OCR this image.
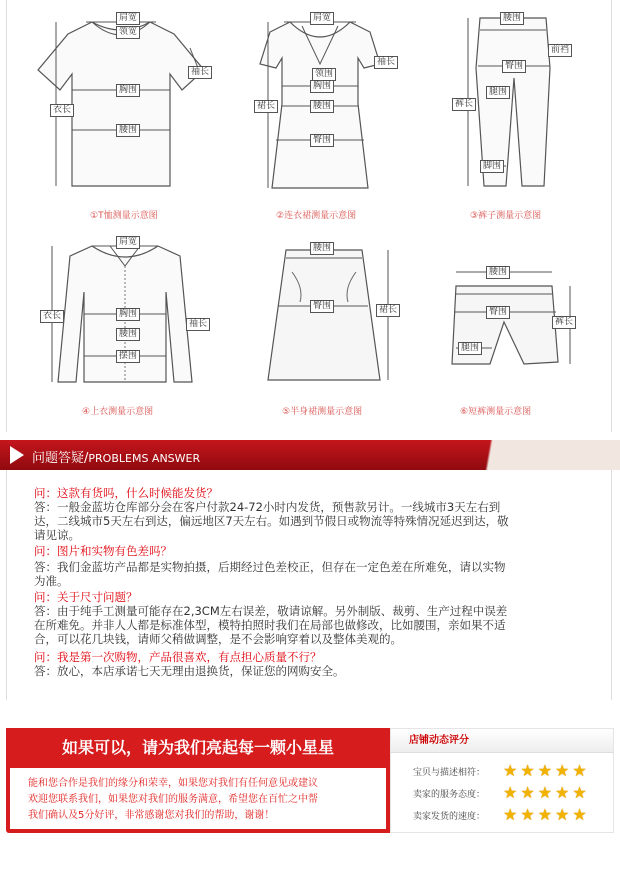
肩宽
领宽
袖长
衣长
胸围
腰围
①T恤测量示意图
肩宽
领围
袖长
裙长
胸围
腰围
臀围
②连衣裙测量示意图
腰围
前裆
臀围
裤长
腿围
脚围
③裤子测量示意图
肩宽
衣长	胸围
袖长
腰围
摆围
④上衣测量示意图
腰围
臀围	裙长
⑤半身裙测量示意图
腰围
臀围
裤长
腿围
⑥短裤测量示意图
问题答疑/PROBLEMS ANSWER
问：这款有货吗，什么时候能发货？
答：一般金蓝坊仓库部分会在客户付款24-72小时内发货，预售款另计。一线城市3天左右到
达，二线城市5天左右到达，偏远地区7天左右。如遇到节假日或物流等特殊情况延迟到达，敬
请见谅。
问：图片和实物有色差吗？
答：我们金蓝坊产品都是实物拍摄，后期经过色差校正，但存在一定色差在所难免，请以实物
为准。
问：关于尺寸问题？
答：由于纯手工测量可能存在2,3CM左右误差，敬请谅解。另外制版、裁剪、生产过程中误差
在所难免。并非人人都是标准体型，模特拍照时我们在局部也做修改，比如腰围，亲如果不适
合，可以花几块钱，请师父稍做调整，是不会影响穿着以及整体美观的。
问：我是第一次购物，产品很喜欢，有点担心质量不行？
答：放心，本店承诺七天无理由退换货，保证您的网购安全。
如果可以，请为我们亮起每一颗小星星
能和您合作是我们的缘分和荣幸，如果您对我们有任何意见或建议
欢迎您联系我们，如果您对我们的服务满意，希望您在百忙之中帮
我们确认及5分好评，非常感谢您对我们的帮助，谢谢！
店铺动态评分
宝贝与描述相符： ★★★★★
卖家的服务态度： ★★★★★
卖家发货的速度： ★★★★★
